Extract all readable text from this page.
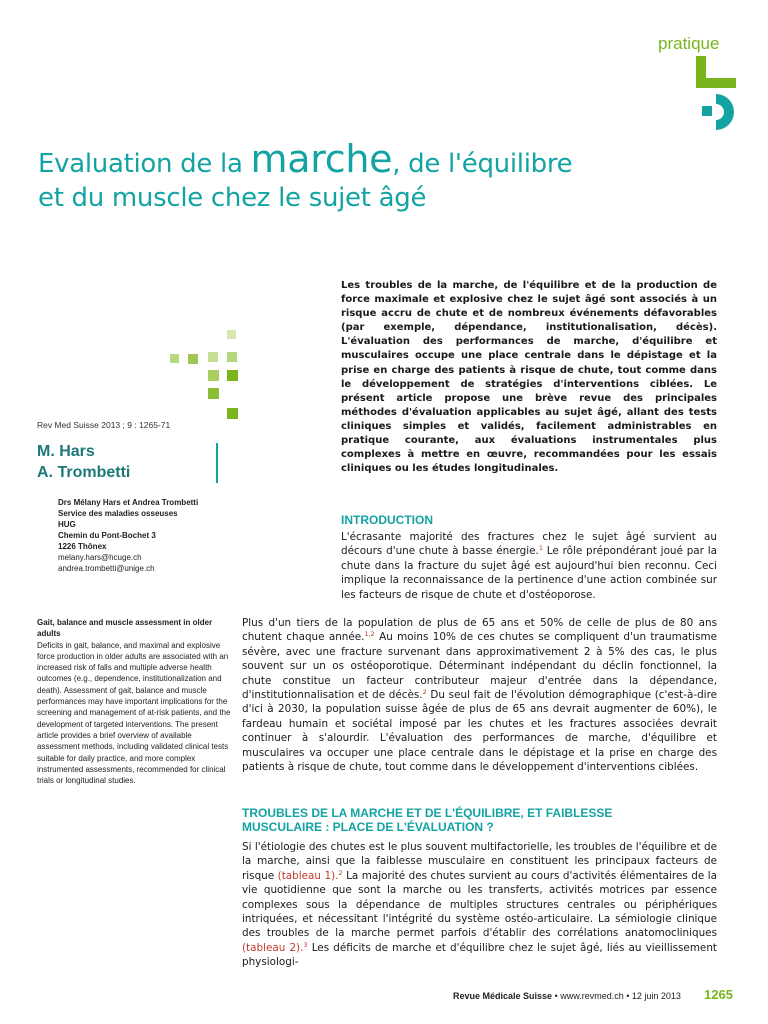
pratique
Evaluation de la marche, de l'équilibre
et du muscle chez le sujet âgé
Rev Med Suisse 2013 ; 9 : 1265-71
M. Hars
A. Trombetti
Drs Mélany Hars et Andrea Trombetti
Service des maladies osseuses
HUG
Chemin du Pont-Bochet 3
1226 Thônex
melany.hars@hcuge.ch
andrea.trombetti@unige.ch
Gait, balance and muscle assessment in older adults
Deficits in gait, balance, and maximal and explosive force production in older adults are associated with an increased risk of falls and multiple adverse health outcomes (e.g., dependence, institutionalization and death). Assessment of gait, balance and muscle performances may have important implications for the screening and management of at-risk patients, and the development of targeted interventions. The present article provides a brief overview of available assessment methods, including validated clinical tests suitable for daily practice, and more complex instrumented assessments, recommended for clinical trials or longitudinal studies.
Les troubles de la marche, de l'équilibre et de la production de force maximale et explosive chez le sujet âgé sont associés à un risque accru de chute et de nombreux événements défavorables (par exemple, dépendance, institutionalisation, décès). L'évaluation des performances de marche, d'équilibre et musculaires occupe une place centrale dans le dépistage et la prise en charge des patients à risque de chute, tout comme dans le développement de stratégies d'interventions ciblées. Le présent article propose une brève revue des principales méthodes d'évaluation applicables au sujet âgé, allant des tests cliniques simples et validés, facilement administrables en pratique courante, aux évaluations instrumentales plus complexes à mettre en œuvre, recommandées pour les essais cliniques ou les études longitudinales.
INTRODUCTION
L'écrasante majorité des fractures chez le sujet âgé survient au décours d'une chute à basse énergie.$^1$ Le rôle prépondérant joué par la chute dans la fracture du sujet âgé est aujourd'hui bien reconnu. Ceci implique la reconnaissance de la pertinence d'une action combinée sur les facteurs de risque de chute et d'ostéoporose.
Plus d'un tiers de la population de plus de 65 ans et 50% de celle de plus de 80 ans chutent chaque année.$^{1,2}$ Au moins 10% de ces chutes se compliquent d'un traumatisme sévère, avec une fracture survenant dans approximativement 2 à 5% des cas, le plus souvent sur un os ostéoporotique. Déterminant indépendant du déclin fonctionnel, la chute constitue un facteur contributeur majeur d'entrée dans la dépendance, d'institutionnalisation et de décès.$^2$ Du seul fait de l'évolution démographique (c'est-à-dire d'ici à 2030, la population suisse âgée de plus de 65 ans devrait augmenter de 60%), le fardeau humain et sociétal imposé par les chutes et les fractures associées devrait continuer à s'alourdir. L'évaluation des performances de marche, d'équilibre et musculaires va occuper une place centrale dans le dépistage et la prise en charge des patients à risque de chute, tout comme dans le développement d'interventions ciblées.
TROUBLES DE LA MARCHE ET DE L'ÉQUILIBRE, ET FAIBLESSE
MUSCULAIRE : PLACE DE L'ÉVALUATION ?
Si l'étiologie des chutes est le plus souvent multifactorielle, les troubles de l'équilibre et de la marche, ainsi que la faiblesse musculaire en constituent les principaux facteurs de risque (tableau 1).$^2$ La majorité des chutes survient au cours d'activités élémentaires de la vie quotidienne que sont la marche ou les transferts, activités motrices par essence complexes sous la dépendance de multiples structures centrales ou périphériques intriquées, et nécessitant l'intégrité du système ostéo-articulaire. La sémiologie clinique des troubles de la marche permet parfois d'établir des corrélations anatomocliniques (tableau 2).$^3$ Les déficits de marche et d'équilibre chez le sujet âgé, liés au vieillissement physiologi-
Revue Médicale Suisse • www.revmed.ch • 12 juin 2013 1265
